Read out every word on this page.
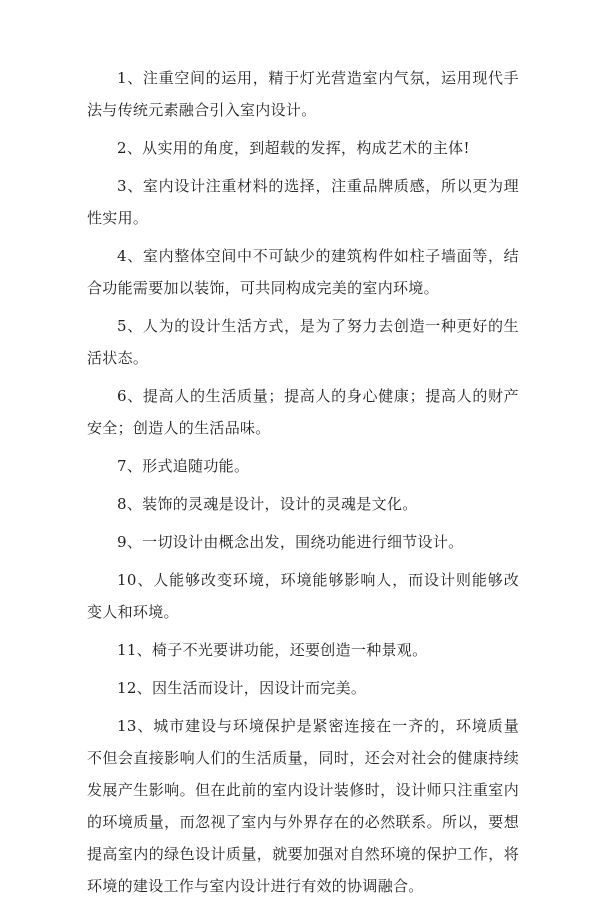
1、注重空间的运用，精于灯光营造室内气氛，运用现代手法与传统元素融合引入室内设计。

2、从实用的角度，到超载的发挥，构成艺术的主体!

3、室内设计注重材料的选择，注重品牌质感，所以更为理性实用。

4、室内整体空间中不可缺少的建筑构件如柱子墙面等，结合功能需要加以装饰，可共同构成完美的室内环境。

5、人为的设计生活方式，是为了努力去创造一种更好的生活状态。

6、提高人的生活质量；提高人的身心健康；提高人的财产安全；创造人的生活品味。

7、形式追随功能。

8、装饰的灵魂是设计，设计的灵魂是文化。

9、一切设计由概念出发，围绕功能进行细节设计。

10、人能够改变环境，环境能够影响人，而设计则能够改变人和环境。

11、椅子不光要讲功能，还要创造一种景观。

12、因生活而设计，因设计而完美。

13、城市建设与环境保护是紧密连接在一齐的，环境质量不但会直接影响人们的生活质量，同时，还会对社会的健康持续发展产生影响。但在此前的室内设计装修时，设计师只注重室内的环境质量，而忽视了室内与外界存在的必然联系。所以，要想提高室内的绿色设计质量，就要加强对自然环境的保护工作，将环境的建设工作与室内设计进行有效的协调融合。
